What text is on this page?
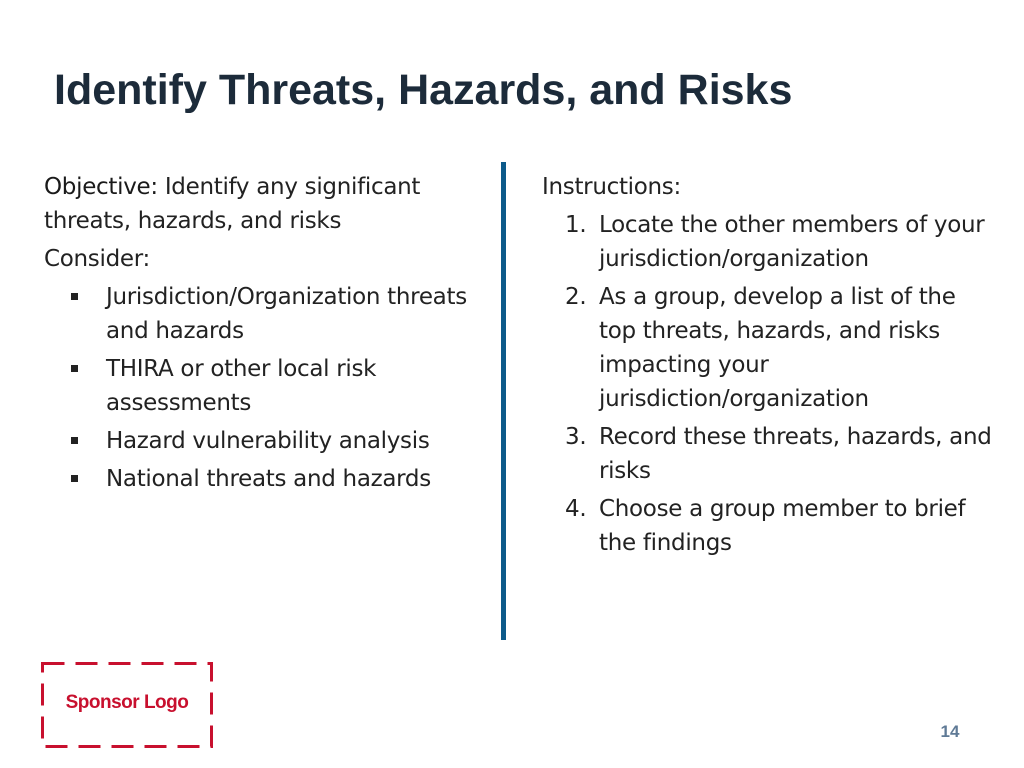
Identify Threats, Hazards, and Risks

Objective: Identify any significant threats, hazards, and risks

Consider:
Jurisdiction/Organization threats and hazards
THIRA or other local risk assessments
Hazard vulnerability analysis
National threats and hazards
Instructions:
1. Locate the other members of your jurisdiction/organization
2. As a group, develop a list of the top threats, hazards, and risks impacting your jurisdiction/organization
3. Record these threats, hazards, and risks
4. Choose a group member to brief the findings
Sponsor Logo
14
